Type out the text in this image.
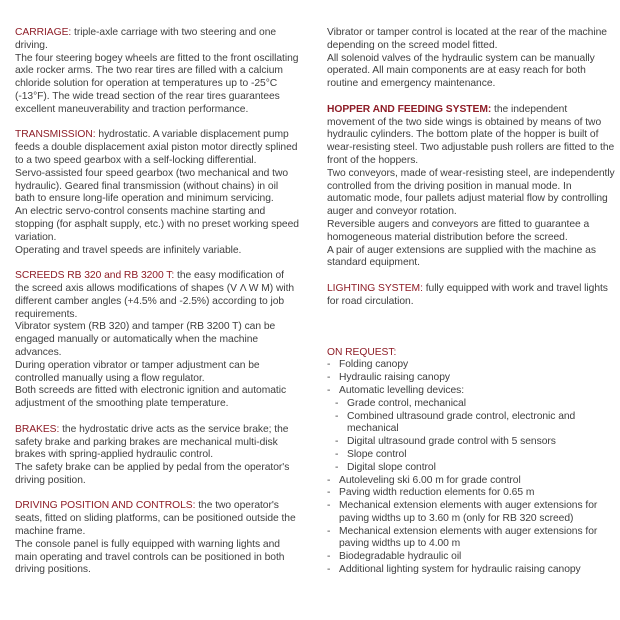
CARRIAGE: triple-axle carriage with two steering and one driving.

The four steering bogey wheels are fitted to the front oscillating axle rocker arms. The two rear tires are filled with a calcium chloride solution for operation at temperatures up to -25°C (-13°F). The wide tread section of the rear tires guarantees excellent maneuverability and traction performance.

TRANSMISSION: hydrostatic. A variable displacement pump feeds a double displacement axial piston motor directly splined to a two speed gearbox with a self-locking differential.

Servo-assisted four speed gearbox (two mechanical and two hydraulic). Geared final transmission (without chains) in oil bath to ensure long-life operation and minimum servicing.

An electric servo-control consents machine starting and stopping (for asphalt supply, etc.) with no preset working speed variation.

Operating and travel speeds are infinitely variable.

SCREEDS RB 320 and RB 3200 T: the easy modification of the screed axis allows modifications of shapes (V Λ W M) with different camber angles (+4.5% and -2.5%) according to job requirements.

Vibrator system (RB 320) and tamper (RB 3200 T) can be engaged manually or automatically when the machine advances.

During operation vibrator or tamper adjustment can be controlled manually using a flow regulator.

Both screeds are fitted with electronic ignition and automatic adjustment of the smoothing plate temperature.

BRAKES: the hydrostatic drive acts as the service brake; the safety brake and parking brakes are mechanical multi-disk brakes with spring-applied hydraulic control.

The safety brake can be applied by pedal from the operator's driving position.

DRIVING POSITION AND CONTROLS: the two operator's seats, fitted on sliding platforms, can be positioned outside the machine frame.

The console panel is fully equipped with warning lights and main operating and travel controls can be positioned in both driving positions.

Vibrator or tamper control is located at the rear of the machine depending on the screed model fitted.

All solenoid valves of the hydraulic system can be manually operated. All main components are at easy reach for both routine and emergency maintenance.

HOPPER AND FEEDING SYSTEM: the independent movement of the two side wings is obtained by means of two hydraulic cylinders. The bottom plate of the hopper is built of wear-resisting steel. Two adjustable push rollers are fitted to the front of the hoppers.

Two conveyors, made of wear-resisting steel, are independently controlled from the driving position in manual mode. In automatic mode, four pallets adjust material flow by controlling auger and conveyor rotation.

Reversible augers and conveyors are fitted to guarantee a homogeneous material distribution before the screed.

A pair of auger extensions are supplied with the machine as standard equipment.

LIGHTING SYSTEM: fully equipped with work and travel lights for road circulation.

ON REQUEST:

- Folding canopy
- Hydraulic raising canopy
- Automatic levelling devices:
- Grade control, mechanical
- Combined ultrasound grade control, electronic and mechanical
- Digital ultrasound grade control with 5 sensors
- Slope control
- Digital slope control
- Autoleveling ski 6.00 m for grade control
- Paving width reduction elements for 0.65 m
- Mechanical extension elements with auger extensions for paving widths up to 3.60 m (only for RB 320 screed)
- Mechanical extension elements with auger extensions for paving widths up to 4.00 m
- Biodegradable hydraulic oil
- Additional lighting system for hydraulic raising canopy
